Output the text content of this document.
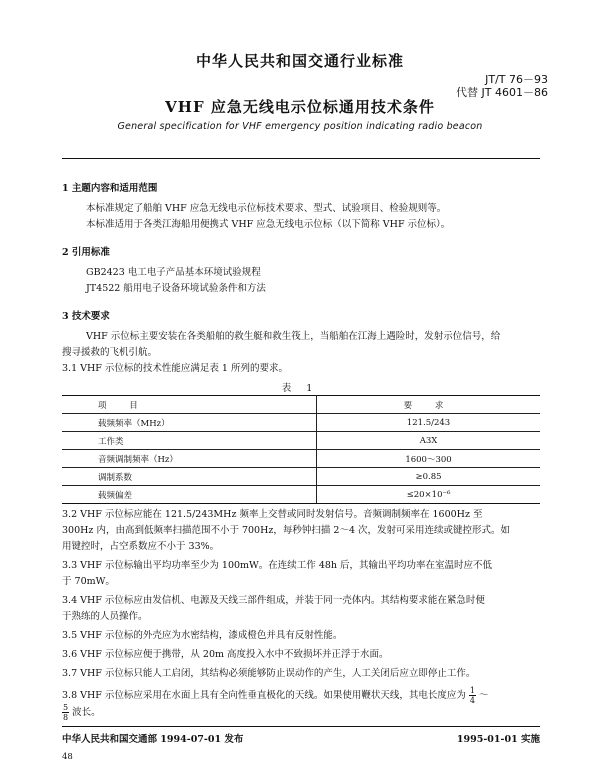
中华人民共和国交通行业标准
JT/T 76－93
代替 JT 4601－86
VHF 应急无线电示位标通用技术条件
General specification for VHF emergency position indicating radio beacon
1 主题内容和适用范围
本标准规定了船舶 VHF 应急无线电示位标技术要求、型式、试验项目、检验规则等。
本标准适用于各类江海船用便携式 VHF 应急无线电示位标（以下简称 VHF 示位标）。
2 引用标准
GB2423 电工电子产品基本环境试验规程
JT4522 船用电子设备环境试验条件和方法
3 技术要求
VHF 示位标主要安装在各类船舶的救生艇和救生筏上，当船舶在江海上遇险时，发射示位信号，给
搜寻援救的飞机引航。
3.1 VHF 示位标的技术性能应满足表 1 所列的要求。
表 1
项 目	要 求
载频频率（MHz）	121.5/243
工作类	A3X
音频调制频率（Hz）	1600～300
调制系数	≥0.85
载频偏差	≤20×10⁻⁶
3.2 VHF 示位标应能在 121.5/243MHz 频率上交替或同时发射信号。音频调制频率在 1600Hz 至
300Hz 内，由高到低频率扫描范围不小于 700Hz，每秒钟扫描 2～4 次，发射可采用连续或键控形式。如
用键控时，占空系数应不小于 33%。
3.3 VHF 示位标输出平均功率至少为 100mW。在连续工作 48h 后，其输出平均功率在室温时应不低
于 70mW。
3.4 VHF 示位标应由发信机、电源及天线三部件组成，并装于同一壳体内。其结构要求能在紧急时便
于熟练的人员操作。
3.5 VHF 示位标的外壳应为水密结构，漆成橙色并具有反射性能。
3.6 VHF 示位标应便于携带，从 20m 高度投入水中不致损坏并正浮于水面。
3.7 VHF 示位标只能人工启闭，其结构必须能够防止误动作的产生，人工关闭后应立即停止工作。
3.8 VHF 示位标应采用在水面上具有全向性垂直极化的天线。如果使用鞭状天线，其电长度应为 $\frac{1}{4}$ ～
$\frac{5}{8}$ 波长。
中华人民共和国交通部 1994-07-01 发布	1995-01-01 实施
48
